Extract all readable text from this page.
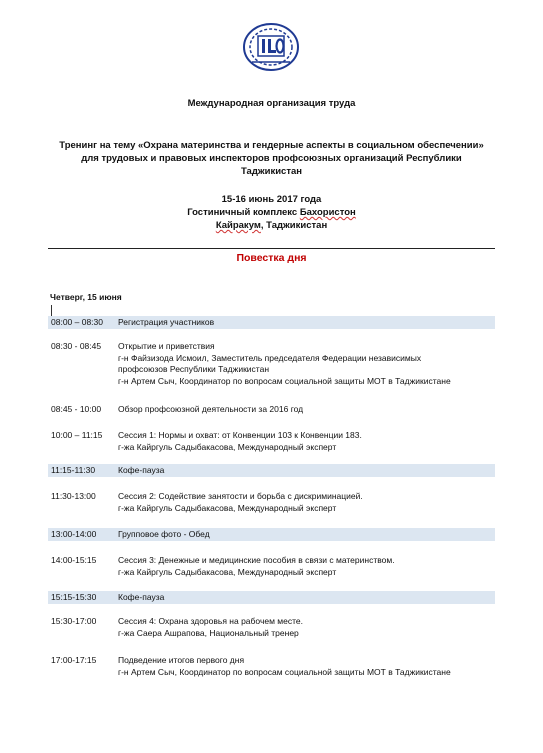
Международная организация труда
Тренинг на тему «Охрана материнства и гендерные аспекты в социальном обеспечении»
для трудовых и правовых инспекторов профсоюзных организаций Республики
Таджикистан
15-16 июнь 2017 года
Гостиничный комплекс Бахористон
Кайракум, Таджикистан
Повестка дня
Четверг, 15 июня
08:00 – 08:30 Регистрация участников
08:30 - 08:45 Открытие и приветствия
г-н Файзизода Исмоил, Заместитель председателя Федерации независимых
профсоюзов Республики Таджикистан
г-н Артем Сыч, Координатор по вопросам социальной защиты МОТ в Таджикистане
08:45 - 10:00 Обзор профсоюзной деятельности за 2016 год
10:00 – 11:15 Сессия 1: Нормы и охват: от Конвенции 103 к Конвенции 183.
г-жа Кайргуль Садыбакасова, Международный эксперт
11:15-11:30	Кофе-пауза
11:30-13:00	Сессия 2: Содействие занятости и борьба с дискриминацией.
г-жа Кайргуль Садыбакасова, Международный эксперт
13:00-14:00	Групповое фото - Обед
14:00-15:15	Сессия 3: Денежные и медицинские пособия в связи с материнством.
г-жа Кайргуль Садыбакасова, Международный эксперт
15:15-15:30	Кофе-пауза
15:30-17:00	Сессия 4: Охрана здоровья на рабочем месте.
г-жа Саера Ашрапова, Национальный тренер
17:00-17:15	Подведение итогов первого дня
г-н Артем Сыч, Координатор по вопросам социальной защиты МОТ в Таджикистане
